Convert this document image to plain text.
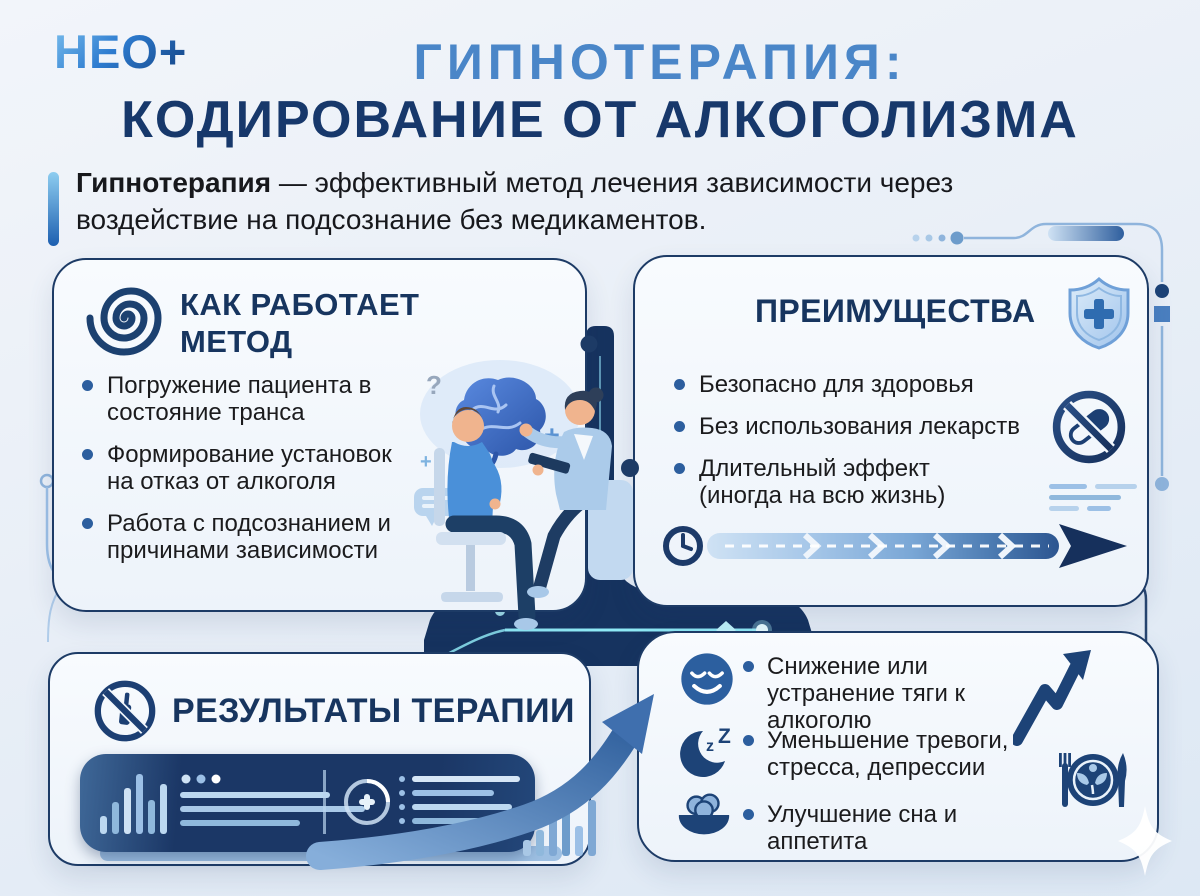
НЕО+	ГИПНОТЕРАПИЯ:
КОДИРОВАНИЕ ОТ АЛКОГОЛИЗМА
Гипнотерапия — эффективный метод лечения зависимости через воздействие на подсознание без медикаментов.
КАК РАБОТАЕТ МЕТОД
Погружение пациента в состояние транса
Формирование установок на отказ от алкоголя
Работа с подсознанием и причинами зависимости
?
+
+
ПРЕИМУЩЕСТВА
Безопасно для здоровья
Без использования лекарств
Длительный эффект
(иногда на всю жизнь)
РЕЗУЛЬТАТЫ ТЕРАПИИ
Снижение или устранение тяги к алкоголю
z Z Уменьшение тревоги, стресса, депрессии
Улучшение сна и аппетита
